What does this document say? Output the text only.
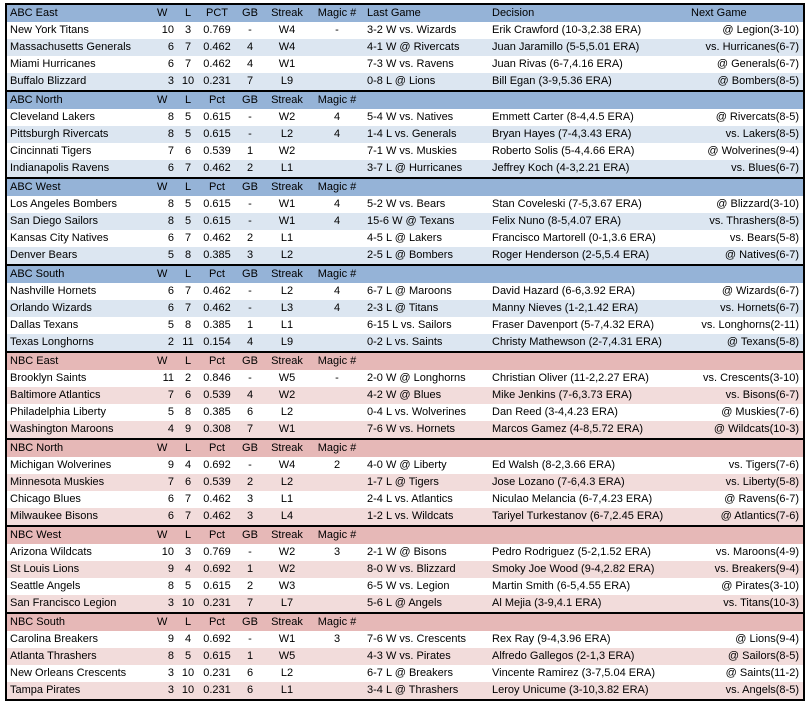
ABC East	W	L	PCT	GB	Streak	Magic #	Last Game	Decision	Next Game
New York Titans	10	3	0.769	-	W4	-	3-2 W vs. Wizards	Erik Crawford (10-3,2.38 ERA)	@ Legion(3-10)
Massachusetts Generals	6	7	0.462	4	W4		4-1 W @ Rivercats	Juan Jaramillo (5-5,5.01 ERA)	vs. Hurricanes(6-7)
Miami Hurricanes	6	7	0.462	4	W1		7-3 W vs. Ravens	Juan Rivas (6-7,4.16 ERA)	@ Generals(6-7)
Buffalo Blizzard	3	10	0.231	7	L9		0-8 L @ Lions	Bill Egan (3-9,5.36 ERA)	@ Bombers(8-5)
ABC North	W	L	Pct	GB	Streak	Magic #			
Cleveland Lakers	8	5	0.615	-	W2	4	5-4 W vs. Natives	Emmett Carter (8-4,4.5 ERA)	@ Rivercats(8-5)
Pittsburgh Rivercats	8	5	0.615	-	L2	4	1-4 L vs. Generals	Bryan Hayes (7-4,3.43 ERA)	vs. Lakers(8-5)
Cincinnati Tigers	7	6	0.539	1	W2		7-1 W vs. Muskies	Roberto Solis (5-4,4.66 ERA)	@ Wolverines(9-4)
Indianapolis Ravens	6	7	0.462	2	L1		3-7 L @ Hurricanes	Jeffrey Koch (4-3,2.21 ERA)	vs. Blues(6-7)
ABC West	W	L	Pct	GB	Streak	Magic #			
Los Angeles Bombers	8	5	0.615	-	W1	4	5-2 W vs. Bears	Stan Coveleski (7-5,3.67 ERA)	@ Blizzard(3-10)
San Diego Sailors	8	5	0.615	-	W1	4	15-6 W @ Texans	Felix Nuno (8-5,4.07 ERA)	vs. Thrashers(8-5)
Kansas City Natives	6	7	0.462	2	L1		4-5 L @ Lakers	Francisco Martorell (0-1,3.6 ERA)	vs. Bears(5-8)
Denver Bears	5	8	0.385	3	L2		2-5 L @ Bombers	Roger Henderson (2-5,5.4 ERA)	@ Natives(6-7)
ABC South	W	L	Pct	GB	Streak	Magic #			
Nashville Hornets	6	7	0.462	-	L2	4	6-7 L @ Maroons	David Hazard (6-6,3.92 ERA)	@ Wizards(6-7)
Orlando Wizards	6	7	0.462	-	L3	4	2-3 L @ Titans	Manny Nieves (1-2,1.42 ERA)	vs. Hornets(6-7)
Dallas Texans	5	8	0.385	1	L1		6-15 L vs. Sailors	Fraser Davenport (5-7,4.32 ERA)	vs. Longhorns(2-11)
Texas Longhorns	2	11	0.154	4	L9		0-2 L vs. Saints	Christy Mathewson (2-7,4.31 ERA)	@ Texans(5-8)
NBC East	W	L	Pct	GB	Streak	Magic #			
Brooklyn Saints	11	2	0.846	-	W5	-	2-0 W @ Longhorns	Christian Oliver (11-2,2.27 ERA)	vs. Crescents(3-10)
Baltimore Atlantics	7	6	0.539	4	W2		4-2 W @ Blues	Mike Jenkins (7-6,3.73 ERA)	vs. Bisons(6-7)
Philadelphia Liberty	5	8	0.385	6	L2		0-4 L vs. Wolverines	Dan Reed (3-4,4.23 ERA)	@ Muskies(7-6)
Washington Maroons	4	9	0.308	7	W1		7-6 W vs. Hornets	Marcos Gamez (4-8,5.72 ERA)	@ Wildcats(10-3)
NBC North	W	L	Pct	GB	Streak	Magic #			
Michigan Wolverines	9	4	0.692	-	W4	2	4-0 W @ Liberty	Ed Walsh (8-2,3.66 ERA)	vs. Tigers(7-6)
Minnesota Muskies	7	6	0.539	2	L2		1-7 L @ Tigers	Jose Lozano (7-6,4.3 ERA)	vs. Liberty(5-8)
Chicago Blues	6	7	0.462	3	L1		2-4 L vs. Atlantics	Niculao Melancia (6-7,4.23 ERA)	@ Ravens(6-7)
Milwaukee Bisons	6	7	0.462	3	L4		1-2 L vs. Wildcats	Tariyel Turkestanov (6-7,2.45 ERA)	@ Atlantics(7-6)
NBC West	W	L	Pct	GB	Streak	Magic #			
Arizona Wildcats	10	3	0.769	-	W2	3	2-1 W @ Bisons	Pedro Rodriguez (5-2,1.52 ERA)	vs. Maroons(4-9)
St Louis Lions	9	4	0.692	1	W2		8-0 W vs. Blizzard	Smoky Joe Wood (9-4,2.82 ERA)	vs. Breakers(9-4)
Seattle Angels	8	5	0.615	2	W3		6-5 W vs. Legion	Martin Smith (6-5,4.55 ERA)	@ Pirates(3-10)
San Francisco Legion	3	10	0.231	7	L7		5-6 L @ Angels	Al Mejia (3-9,4.1 ERA)	vs. Titans(10-3)
NBC South	W	L	Pct	GB	Streak	Magic #			
Carolina Breakers	9	4	0.692	-	W1	3	7-6 W vs. Crescents	Rex Ray (9-4,3.96 ERA)	@ Lions(9-4)
Atlanta Thrashers	8	5	0.615	1	W5		4-3 W vs. Pirates	Alfredo Gallegos (2-1,3 ERA)	@ Sailors(8-5)
New Orleans Crescents	3	10	0.231	6	L2		6-7 L @ Breakers	Vincente Ramirez (3-7,5.04 ERA)	@ Saints(11-2)
Tampa Pirates	3	10	0.231	6	L1		3-4 L @ Thrashers	Leroy Unicume (3-10,3.82 ERA)	vs. Angels(8-5)
